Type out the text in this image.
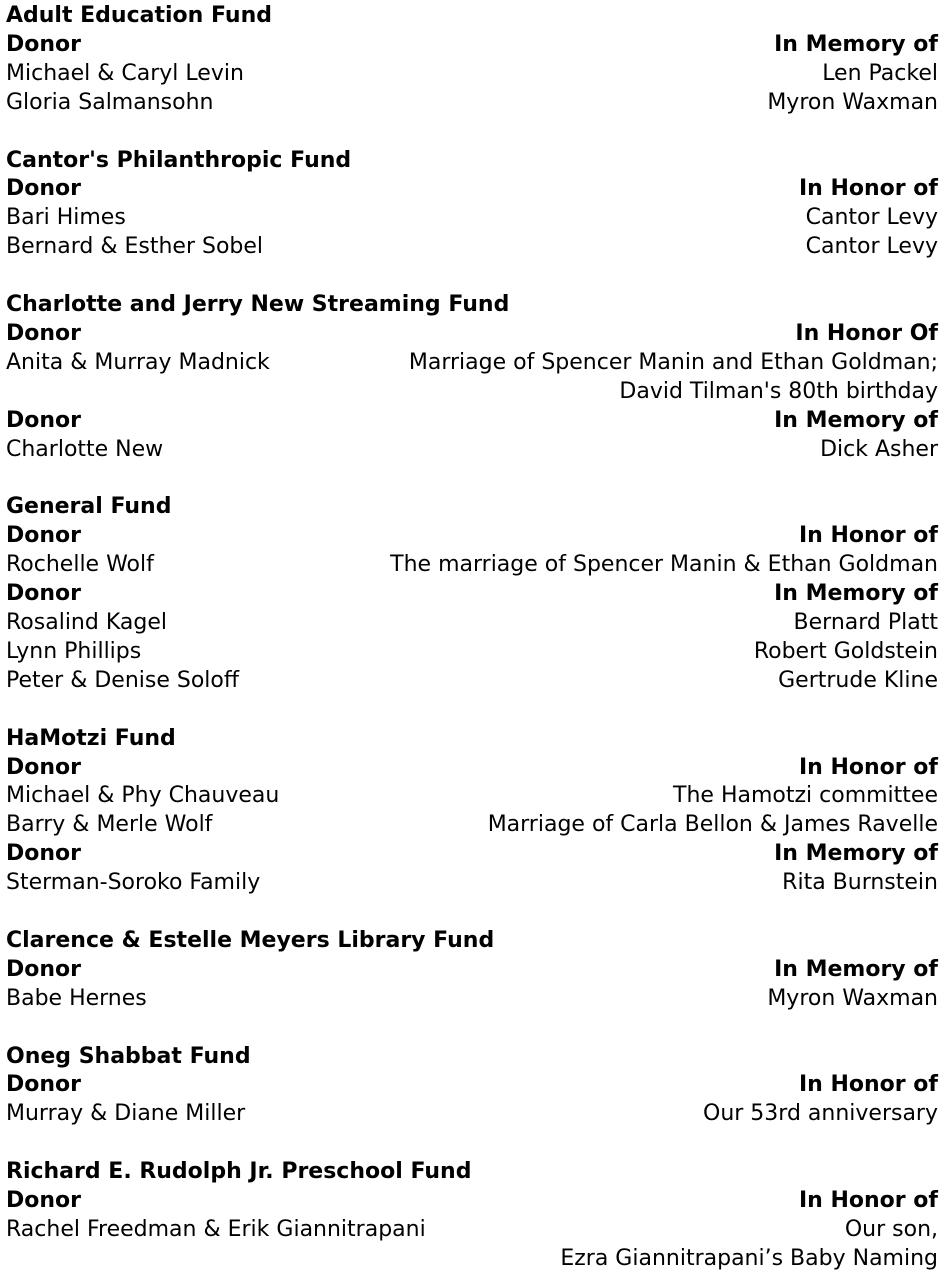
Adult Education Fund
Donor	In Memory of
Michael & Caryl Levin	Len Packel
Gloria Salmansohn	Myron Waxman
Cantor's Philanthropic Fund
Donor	In Honor of
Bari Himes	Cantor Levy
Bernard & Esther Sobel	Cantor Levy
Charlotte and Jerry New Streaming Fund
Donor	In Honor Of
Anita & Murray Madnick	Marriage of Spencer Manin and Ethan Goldman;
David Tilman's 80th birthday
Donor	In Memory of
Charlotte New	Dick Asher
General Fund
Donor	In Honor of
Rochelle Wolf	The marriage of Spencer Manin & Ethan Goldman
Donor	In Memory of
Rosalind Kagel	Bernard Platt
Lynn Phillips	Robert Goldstein
Peter & Denise Soloff	Gertrude Kline
HaMotzi Fund
Donor	In Honor of
Michael & Phy Chauveau	The Hamotzi committee
Barry & Merle Wolf	Marriage of Carla Bellon & James Ravelle
Donor	In Memory of
Sterman-Soroko Family	Rita Burnstein
Clarence & Estelle Meyers Library Fund
Donor	In Memory of
Babe Hernes	Myron Waxman
Oneg Shabbat Fund
Donor	In Honor of
Murray & Diane Miller	Our 53rd anniversary
Richard E. Rudolph Jr. Preschool Fund
Donor	In Honor of
Rachel Freedman & Erik Giannitrapani	Our son,
Ezra Giannitrapani’s Baby Naming
